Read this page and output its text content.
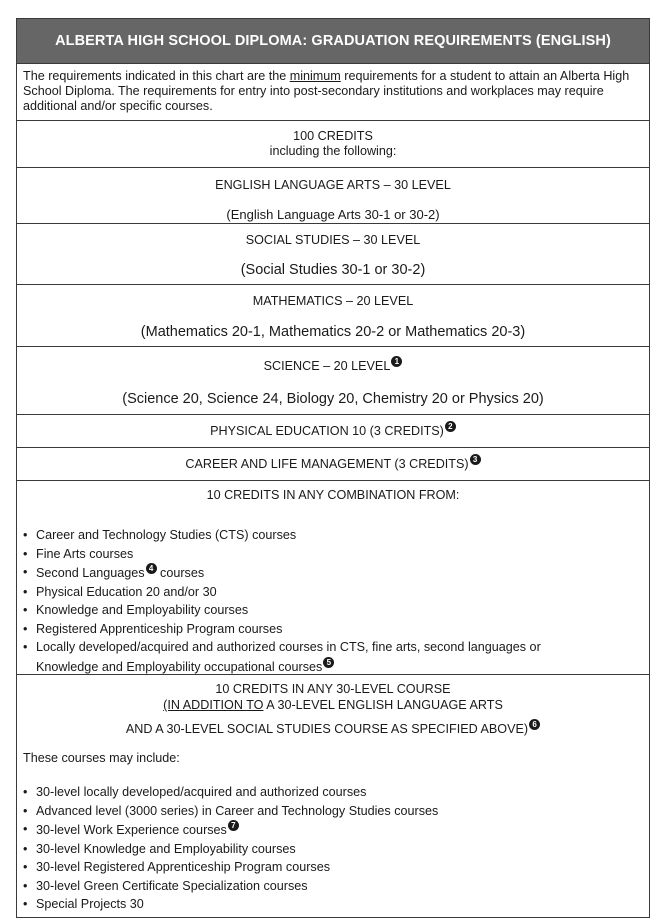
ALBERTA HIGH SCHOOL DIPLOMA: GRADUATION REQUIREMENTS (ENGLISH)
The requirements indicated in this chart are the minimum requirements for a student to attain an Alberta High School Diploma. The requirements for entry into post-secondary institutions and workplaces may require additional and/or specific courses.
100 CREDITS
including the following:
ENGLISH LANGUAGE ARTS – 30 LEVEL
(English Language Arts 30-1 or 30-2)
SOCIAL STUDIES – 30 LEVEL
(Social Studies 30-1 or 30-2)
MATHEMATICS – 20 LEVEL
(Mathematics 20-1, Mathematics 20-2 or Mathematics 20-3)
SCIENCE – 20 LEVEL 1
(Science 20, Science 24, Biology 20, Chemistry 20 or Physics 20)
PHYSICAL EDUCATION 10 (3 CREDITS) 2
CAREER AND LIFE MANAGEMENT (3 CREDITS) 3
10 CREDITS IN ANY COMBINATION FROM:
• Career and Technology Studies (CTS) courses
• Fine Arts courses
• Second Languages 4 courses
• Physical Education 20 and/or 30
• Knowledge and Employability courses
• Registered Apprenticeship Program courses
• Locally developed/acquired and authorized courses in CTS, fine arts, second languages or
Knowledge and Employability occupational courses 5
10 CREDITS IN ANY 30-LEVEL COURSE
(IN ADDITION TO A 30-LEVEL ENGLISH LANGUAGE ARTS
AND A 30-LEVEL SOCIAL STUDIES COURSE AS SPECIFIED ABOVE) 6
These courses may include:
• 30-level locally developed/acquired and authorized courses
• Advanced level (3000 series) in Career and Technology Studies courses
• 30-level Work Experience courses 7
• 30-level Knowledge and Employability courses
• 30-level Registered Apprenticeship Program courses
• 30-level Green Certificate Specialization courses
• Special Projects 30
